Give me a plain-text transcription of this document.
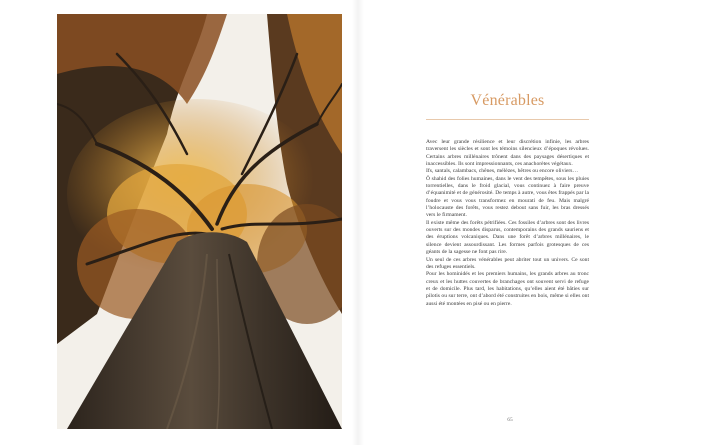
Vénérables

Avec leur grande résilience et leur discrétion infinie, les arbres traversent les siècles et sont les témoins silencieux d’époques révolues. Certains arbres millénaires trônent dans des paysages désertiques et inaccessibles. Ils sont impressionnants, ces anachorètes végétaux.

Ifs, santals, calambacs, chênes, mélèzes, hêtres ou encore oliviers…

Ô shahid des folies humaines, dans le vent des tempêtes, sous les pluies torrentielles, dans le froid glacial, vous continuez à faire preuve d’équanimité et de générosité. De temps à autre, vous êtes frappés par la foudre et vous vous transformez en mourati de feu. Mais malgré l’holocauste des forêts, vous restez debout sans fuir, les bras dressés vers le firmament.

Il existe même des forêts pétrifiées. Ces fossiles d’arbres sont des livres ouverts sur des mondes disparus, contemporains des grands sauriens et des éruptions volcaniques. Dans une forêt d’arbres millénaires, le silence devient assourdissant. Les formes parfois grotesques de ces géants de la sagesse ne font pas rire.

Un seul de ces arbres vénérables peut abriter tout un univers. Ce sont des refuges essentiels.

Pour les hominidés et les premiers humains, les grands arbres au tronc creux et les huttes couvertes de branchages ont souvent servi de refuge et de domicile. Plus tard, les habitations, qu’elles aient été bâties sur pilotis ou sur terre, ont d’abord été construites en bois, même si elles ont aussi été montées en pisé ou en pierre.

65
